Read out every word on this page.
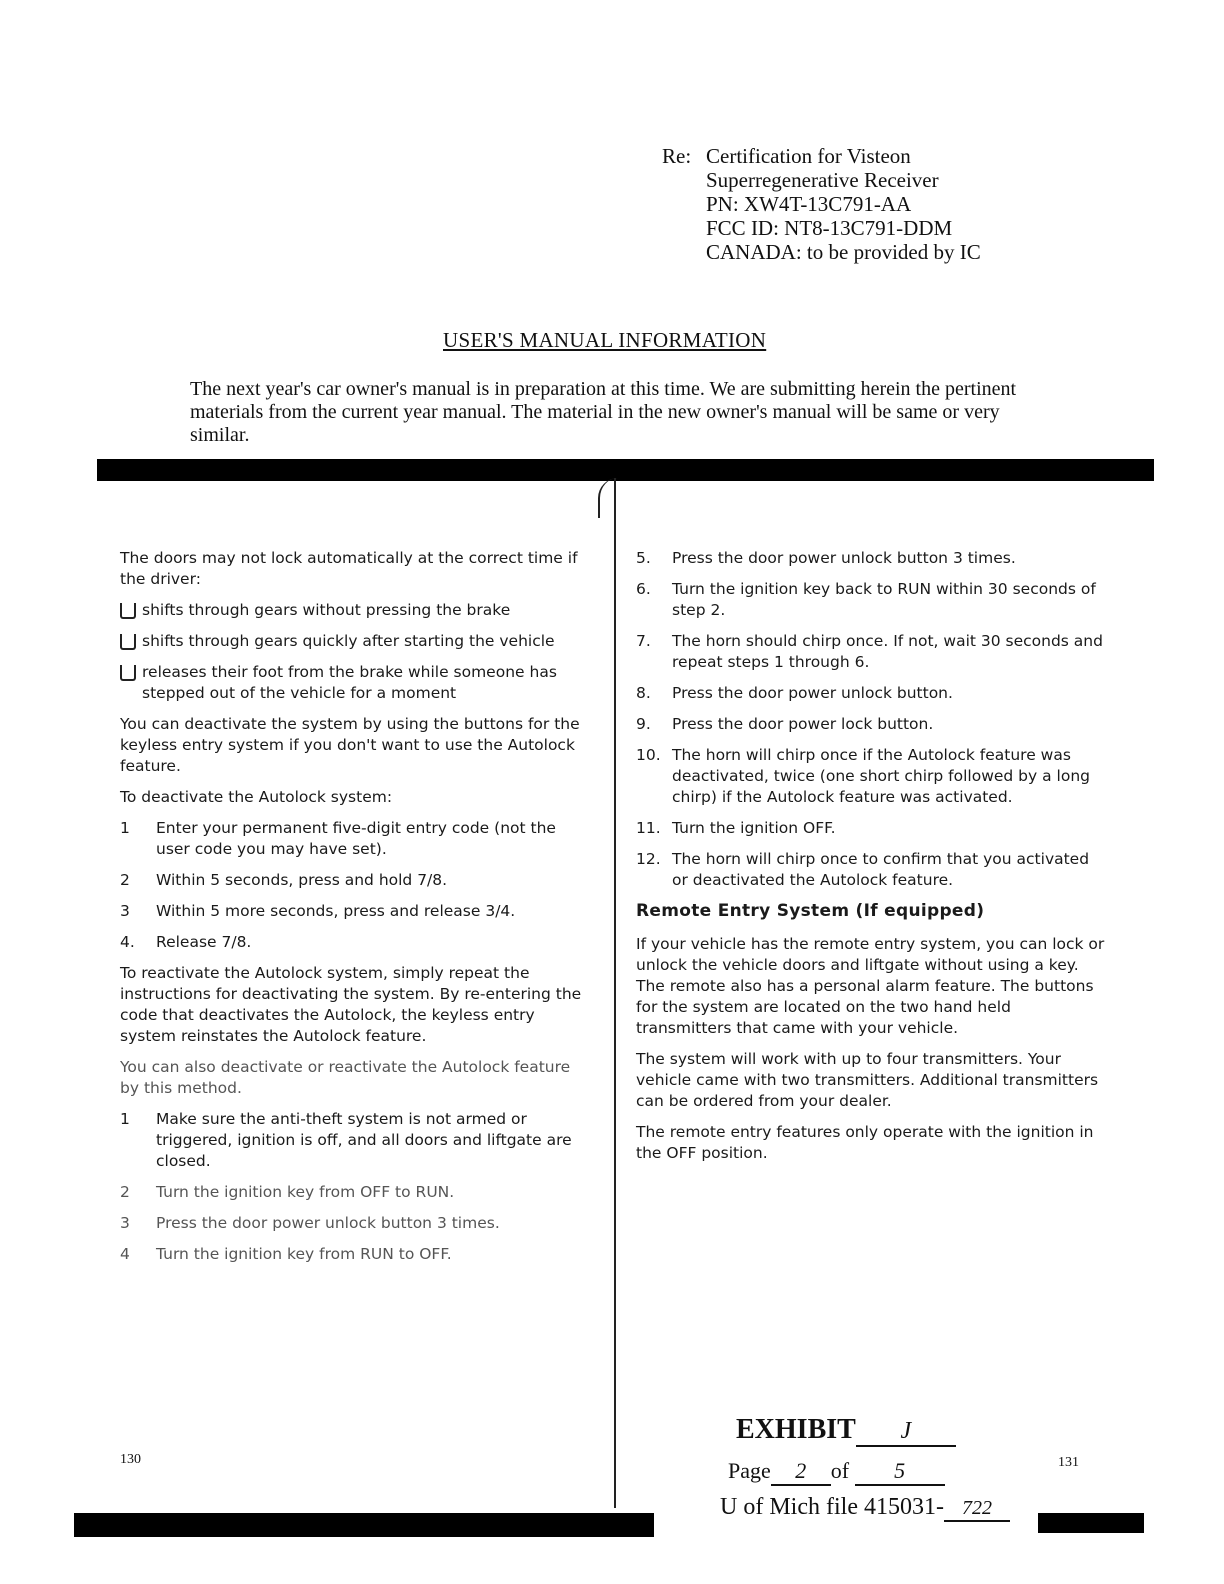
Re: Certification for Visteon
Superregenerative Receiver
PN: XW4T-13C791-AA
FCC ID: NT8-13C791-DDM
CANADA: to be provided by IC
USER'S MANUAL INFORMATION
The next year's car owner's manual is in preparation at this time. We are submitting herein the pertinent materials from the current year manual. The material in the new owner's manual will be same or very similar.

The doors may not lock automatically at the correct time if the driver:

shifts through gears without pressing the brake
shifts through gears quickly after starting the vehicle
releases their foot from the brake while someone has stepped out of the vehicle for a moment

You can deactivate the system by using the buttons for the keyless entry system if you don't want to use the Autolock feature.

To deactivate the Autolock system:

1 Enter your permanent five-digit entry code (not the user code you may have set).
2 Within 5 seconds, press and hold 7/8.
3 Within 5 more seconds, press and release 3/4.
4. Release 7/8.

To reactivate the Autolock system, simply repeat the instructions for deactivating the system. By re-entering the code that deactivates the Autolock, the keyless entry system reinstates the Autolock feature.

You can also deactivate or reactivate the Autolock feature by this method.

1 Make sure the anti-theft system is not armed or triggered, ignition is off, and all doors and liftgate are closed.
2 Turn the ignition key from OFF to RUN.
3 Press the door power unlock button 3 times.
4 Turn the ignition key from RUN to OFF.
130
5. Press the door power unlock button 3 times.
6. Turn the ignition key back to RUN within 30 seconds of step 2.
7. The horn should chirp once. If not, wait 30 seconds and repeat steps 1 through 6.
8. Press the door power unlock button.
9. Press the door power lock button.
10. The horn will chirp once if the Autolock feature was deactivated, twice (one short chirp followed by a long chirp) if the Autolock feature was activated.
11. Turn the ignition OFF.
12. The horn will chirp once to confirm that you activated or deactivated the Autolock feature.
Remote Entry System (If equipped)

If your vehicle has the remote entry system, you can lock or unlock the vehicle doors and liftgate without using a key. The remote also has a personal alarm feature. The buttons for the system are located on the two hand held transmitters that came with your vehicle.

The system will work with up to four transmitters. Your vehicle came with two transmitters. Additional transmitters can be ordered from your dealer.

The remote entry features only operate with the ignition in the OFF position.

131
EXHIBIT J
Page 2 of 5
U of Mich file 415031- 722
